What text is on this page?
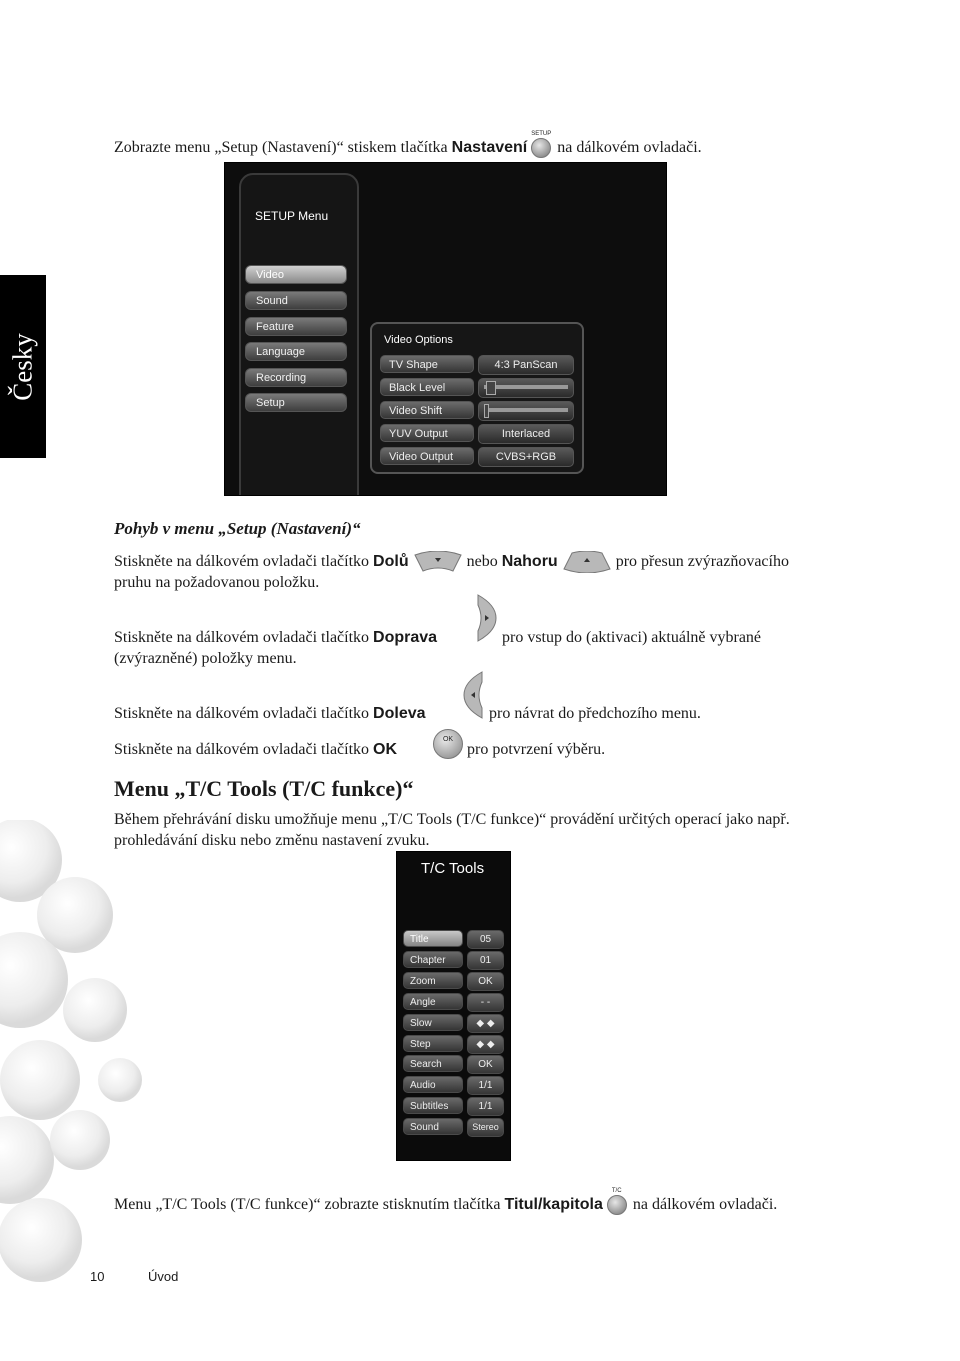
Česky
Zobrazte menu „Setup (Nastavení)“ stiskem tlačítka Nastavení
SETUP
na dálkovém ovladači.
SETUP Menu
Video
Sound
Feature
Language
Recording
Setup
Video Options
TV Shape	4:3 PanScan
Black Level
Video Shift
YUV Output	Interlaced
Video Output	CVBS+RGB
Pohyb v menu „Setup (Nastavení)“
Stiskněte na dálkovém ovladači tlačítko Dolů	nebo Nahoru	pro přesun zvýrazňovacího
pruhu na požadovanou položku.
Stiskněte na dálkovém ovladači tlačítko Doprava	pro vstup do (aktivaci) aktuálně vybrané
(zvýrazněné) položky menu.
Stiskněte na dálkovém ovladači tlačítko Doleva	pro návrat do předchozího menu.
Stiskněte na dálkovém ovladači tlačítko OK
OK
pro potvrzení výběru.
Menu „T/C Tools (T/C funkce)“
Během přehrávání disku umožňuje menu „T/C Tools (T/C funkce)“ provádění určitých operací jako např.
prohledávání disku nebo změnu nastavení zvuku.
T/C Tools
Title	05
Chapter	01
Zoom	OK
Angle	- -
Slow	◆ ◆
Step	◆ ◆
Search	OK
Audio	1/1
Subtitles	1/1
Sound	Stereo
Menu „T/C Tools (T/C funkce)“ zobrazte stisknutím tlačítka Titul/kapitola
T/C
na dálkovém ovladači.
10	Úvod
